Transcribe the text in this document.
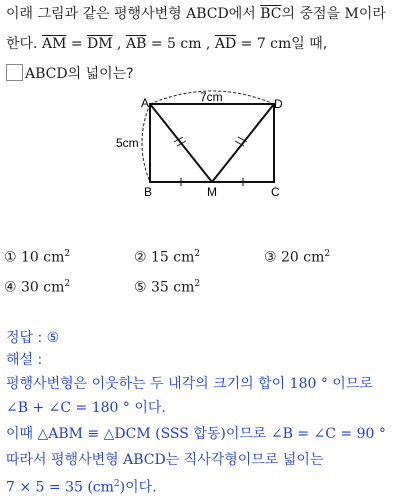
이래 그림과 같은 평행사변형 ABCD에서 $\overline{BC}$의 중점을 M이라
한다. $\overline{AM} = \overline{DM}$ , $\overline{AB} = 5$ cm , $\overline{AD} = 7$ cm일 때,
ABCD의 넓이는?
A	D
B	C
M
7cm
5cm
① 10 $cm^2$	② 15 $cm^2$	③ 20 $cm^2$
④ 30 $cm^2$	⑤ 35 $cm^2$
정답 : ⑤
해설 :
평행사변형은 이웃하는 두 내각의 크기의 합이 180 ° 이므로
∠B + ∠C = 180 ° 이다.
이때 △ABM ≡ △DCM (SSS 합동)이므로 ∠B = ∠C = 90 °
따라서 평행사변형 ABCD는 직사각형이므로 넓이는
7 × 5 = 35 $(cm^2)$이다.
